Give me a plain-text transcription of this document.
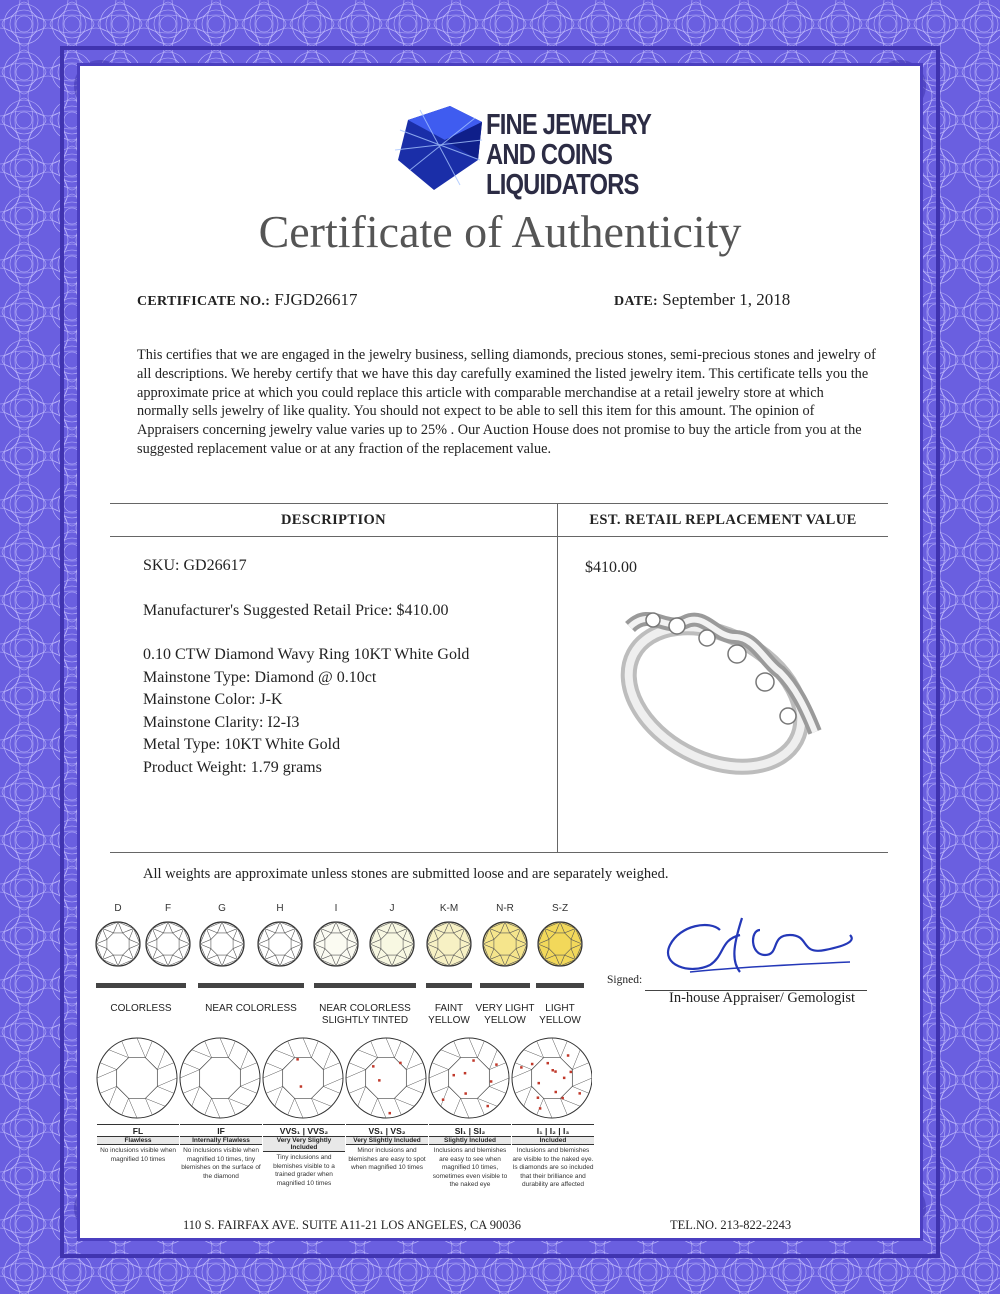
FINE JEWELRY
AND COINS
LIQUIDATORS
Certificate of Authenticity
CERTIFICATE NO.: FJGD26617	DATE: September 1, 2018
This certifies that we are engaged in the jewelry business, selling diamonds, precious stones, semi-precious stones and jewelry of all descriptions. We hereby certify that we have this day carefully examined the listed jewelry item. This certificate tells you the approximate price at which you could replace this article with comparable merchandise at a retail jewelry store at which normally sells jewelry of like quality. You should not expect to be able to sell this item for this amount. The opinion of Appraisers concerning jewelry value varies up to 25% . Our Auction House does not promise to buy the article from you at the suggested replacement value or at any fraction of the replacement value.
DESCRIPTION	EST. RETAIL REPLACEMENT VALUE
SKU: GD26617
Manufacturer's Suggested Retail Price: $410.00
0.10 CTW Diamond Wavy Ring 10KT White Gold
Mainstone Type: Diamond @ 0.10ct
Mainstone Color: J-K
Mainstone Clarity: I2-I3
Metal Type: 10KT White Gold
Product Weight: 1.79 grams
$410.00
All weights are approximate unless stones are submitted loose and are separately weighed.
D	F	G	H	I	J	K-M	N-R	S-Z
COLORLESS	NEAR COLORLESS	NEAR COLORLESS
SLIGHTLY TINTED
FAINT
YELLOW
VERY LIGHT
YELLOW
LIGHT
YELLOW
FL
Flawless
No inclusions visible when magnified 10 times
IF
Internally Flawless
No inclusions visible when magnified 10 times, tiny blemishes on the surface of the diamond
VVS₁ | VVS₂
Very Very Slightly Included
Tiny inclusions and blemishes visible to a trained grader when magnified 10 times
VS₁ | VS₂
Very Slightly Included
Minor inclusions and blemishes are easy to spot when magnified 10 times
SI₁ | SI₂
Slightly Included
Inclusions and blemishes are easy to see when magnified 10 times, sometimes even visible to the naked eye
I₁ | I₂ | I₃
Included
Inclusions and blemishes are visible to the naked eye. Is diamonds are so included that their brilliance and durability are affected
Signed:
In-house Appraiser/ Gemologist
110 S. FAIRFAX AVE. SUITE A11-21 LOS ANGELES, CA 90036	TEL.NO. 213-822-2243
